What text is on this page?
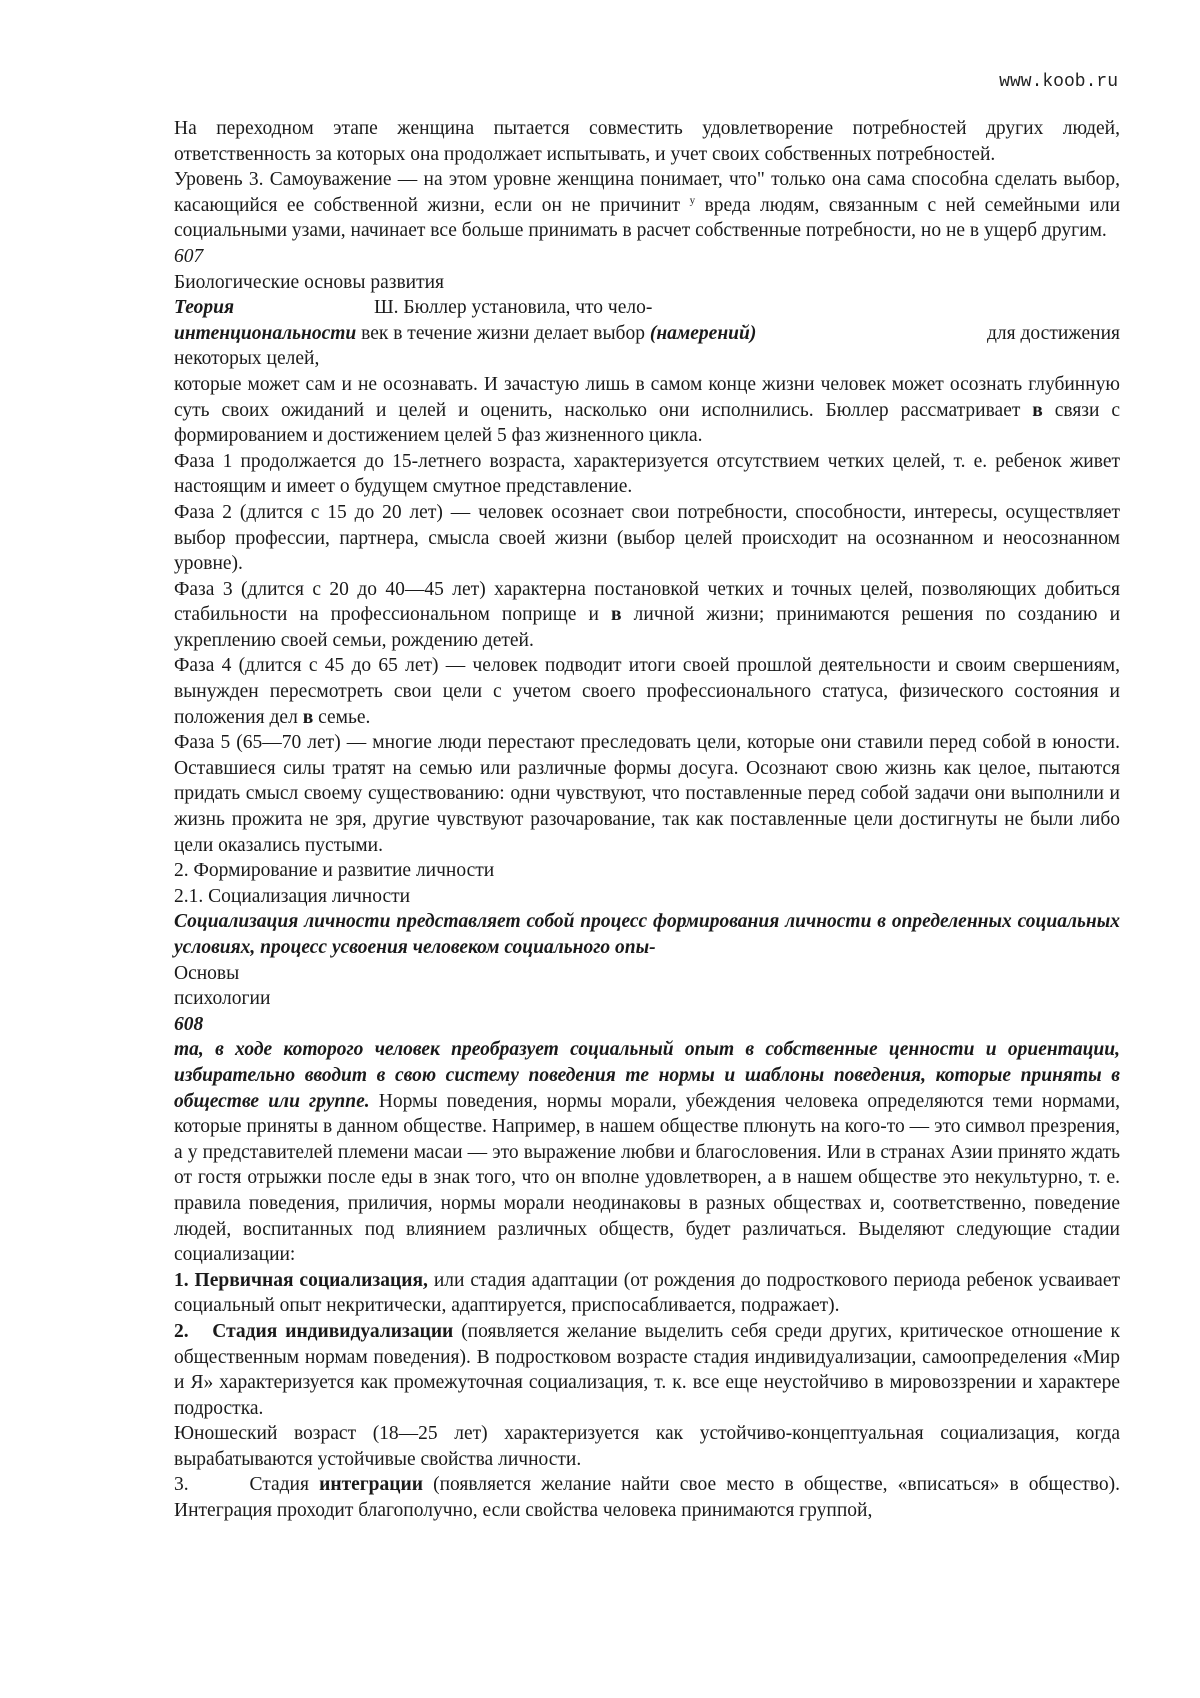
www.koob.ru

На переходном этапе женщина пытается совместить удовлетворение потребностей других людей, ответственность за которых она продолжает испытывать, и учет своих собственных потребностей.

Уровень 3. Самоуважение — на этом уровне женщина понимает, что" только она сама способна сделать выбор, касающийся ее собственной жизни, если он не причинит $^у$ вреда людям, связанным с ней семейными или социальными узами, начинает все больше принимать в расчет собственные потребности, но не в ущерб другим.

607

Биологические основы развития

Теория	Ш. Бюллер установила, что чело-
интенциональности век в течение жизни делает выбор (намерений)	для достижения

некоторых целей,

которые может сам и не осознавать. И зачастую лишь в самом конце жизни человек может осознать глубинную суть своих ожиданий и целей и оценить, насколько они исполнились. Бюллер рассматривает в связи с формированием и достижением целей 5 фаз жизненного цикла.

Фаза 1 продолжается до 15-летнего возраста, характеризуется отсутствием четких целей, т. е. ребенок живет настоящим и имеет о будущем смутное представление.

Фаза 2 (длится с 15 до 20 лет) — человек осознает свои потребности, способности, интересы, осуществляет выбор профессии, партнера, смысла своей жизни (выбор целей происходит на осознанном и неосознанном уровне).

Фаза 3 (длится с 20 до 40—45 лет) характерна постановкой четких и точных целей, позволяющих добиться стабильности на профессиональном поприще и в личной жизни; принимаются решения по созданию и укреплению своей семьи, рождению детей.

Фаза 4 (длится с 45 до 65 лет) — человек подводит итоги своей прошлой деятельности и своим свершениям, вынужден пересмотреть свои цели с учетом своего профессионального статуса, физического состояния и положения дел в семье.

Фаза 5 (65—70 лет) — многие люди перестают преследовать цели, которые они ставили перед собой в юности. Оставшиеся силы тратят на семью или различные формы досуга. Осознают свою жизнь как целое, пытаются придать смысл своему существованию: одни чувствуют, что поставленные перед собой задачи они выполнили и жизнь прожита не зря, другие чувствуют разочарование, так как поставленные цели достигнуты не были либо цели оказались пустыми.

2. Формирование и развитие личности

2.1. Социализация личности

Социализация личности представляет собой процесс формирования личности в определенных социальных условиях, процесс усвоения человеком социального опы-

Основы

психологии

608

та, в ходе которого человек преобразует социальный опыт в собственные ценности и ориентации, избирательно вводит в свою систему поведения те нормы и шаблоны поведения, которые приняты в обществе или группе. Нормы поведения, нормы морали, убеждения человека определяются теми нормами, которые приняты в данном обществе. Например, в нашем обществе плюнуть на кого-то — это символ презрения, а у представителей племени масаи — это выражение любви и благословения. Или в странах Азии принято ждать от гостя отрыжки после еды в знак того, что он вполне удовлетворен, а в нашем обществе это некультурно, т. е. правила поведения, приличия, нормы морали неодинаковы в разных обществах и, соответственно, поведение людей, воспитанных под влиянием различных обществ, будет различаться. Выделяют следующие стадии социализации:

1. Первичная социализация, или стадия адаптации (от рождения до подросткового периода ребенок усваивает социальный опыт некритически, адаптируется, приспосабливается, подражает).

2. Стадия индивидуализации (появляется желание выделить себя среди других, критическое отношение к общественным нормам поведения). В подростковом возрасте стадия индивидуализации, самоопределения «Мир и Я» характеризуется как промежуточная социализация, т. к. все еще неустойчиво в мировоззрении и характере подростка.

Юношеский возраст (18—25 лет) характеризуется как устойчиво-концептуальная социализация, когда вырабатываются устойчивые свойства личности.

3.	Стадия интеграции (появляется желание найти свое место в обществе, «вписаться» в общество). Интеграция проходит благополучно, если свойства человека принимаются группой,
